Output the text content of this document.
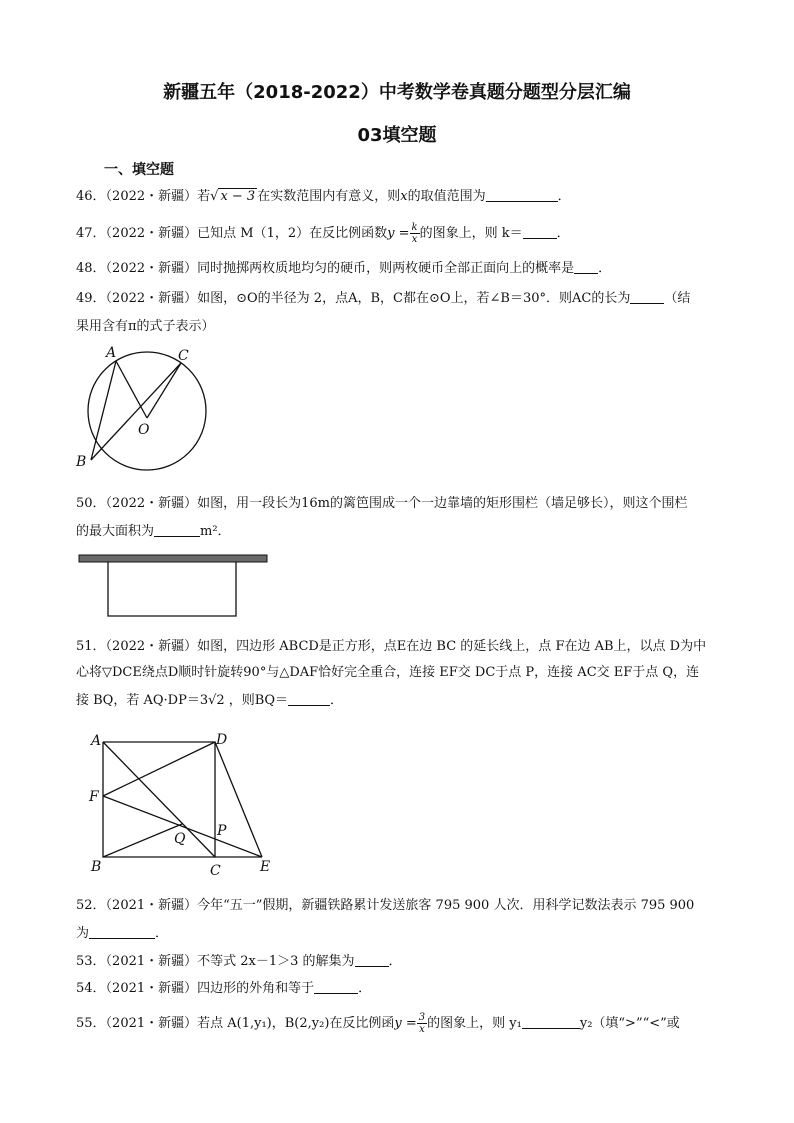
新疆五年（2018-2022）中考数学卷真题分题型分层汇编
03填空题
一、填空题
46．（2022・新疆）若√ x − 3 在实数范围内有意义，则x的取值范围为	．
47．（2022・新疆）已知点 M（1，2）在反比例函数$y = \frac{k}{x}$ 的图象上，则 k＝	．
48．（2022・新疆）同时抛掷两枚质地均匀的硬币，则两枚硬币全部正面向上的概率是 ．
49．（2022・新疆）如图，⊙O的半径为 2，点A，B，C都在⊙O上，若∠B＝30°．则AC的长为	（结
果用含有π的式子表示）
A	C
O
B
50．（2022・新疆）如图，用一段长为16m的篱笆围成一个一边靠墙的矩形围栏（墙足够长），则这个围栏
的最大面积为	m²．
51．（2022・新疆）如图，四边形 ABCD是正方形，点E在边 BC 的延长线上，点 F在边 AB上，以点 D为中
心将▽DCE绕点D顺时针旋转90°与△DAF恰好完全重合，连接 EF交 DC于点 P，连接 AC交 EF于点 Q，连
接 BQ，若 AQ·DP＝3√2 ，则BQ＝	．
A	D
F
Q P
B	C	E
52．（2021・新疆）今年“五一”假期，新疆铁路累计发送旅客 795 900 人次．用科学记数法表示 795 900
为	．
53．（2021・新疆）不等式 2x－1＞3 的解集为	．
54．（2021・新疆）四边形的外角和等于	．
55．（2021・新疆）若点 A(1,y₁)，B(2,y₂)在反比例函$y = \frac{3}{x}$ 的图象上，则 y₁	y₂（填“>”“<”或
